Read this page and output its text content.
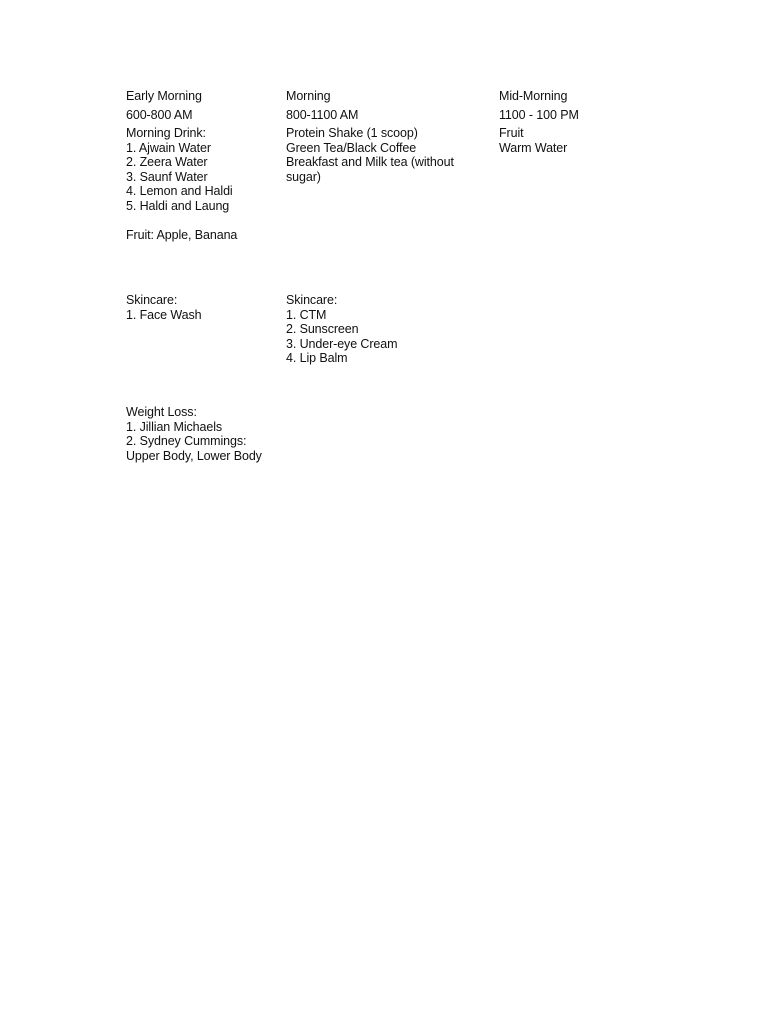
Early Morning
600-800 AM
Morning Drink:
1. Ajwain Water
2. Zeera Water
3. Saunf Water
4. Lemon and Haldi
5. Haldi and Laung
Fruit: Apple, Banana
Morning
800-1100 AM
Protein Shake (1 scoop)
Green Tea/Black Coffee
Breakfast and Milk tea (without sugar)
Mid-Morning
1100 - 100 PM
Fruit
Warm Water
Skincare:
1. Face Wash
Skincare:
1. CTM
2. Sunscreen
3. Under-eye Cream
4. Lip Balm
Weight Loss:
1. Jillian Michaels
2. Sydney Cummings:
Upper Body, Lower Body
